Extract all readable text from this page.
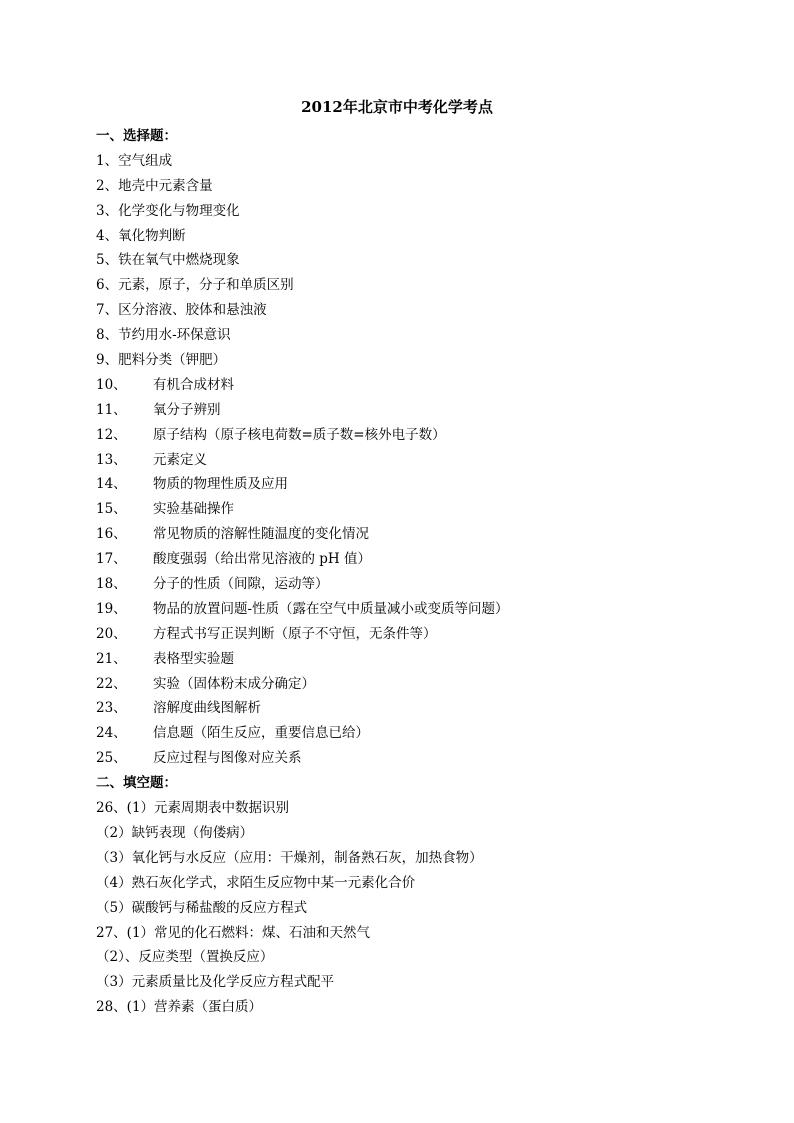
2012年北京市中考化学考点
一、选择题：
1、空气组成
2、地壳中元素含量
3、化学变化与物理变化
4、氧化物判断
5、铁在氧气中燃烧现象
6、元素，原子，分子和单质区别
7、区分溶液、胶体和悬浊液
8、节约用水-环保意识
9、肥料分类（钾肥）
10、 有机合成材料
11、 氧分子辨别
12、 原子结构（原子核电荷数=质子数=核外电子数）
13、 元素定义
14、 物质的物理性质及应用
15、 实验基础操作
16、 常见物质的溶解性随温度的变化情况
17、 酸度强弱（给出常见溶液的 pH 值）
18、 分子的性质（间隙，运动等）
19、 物品的放置问题-性质（露在空气中质量减小或变质等问题）
20、 方程式书写正误判断（原子不守恒，无条件等）
21、 表格型实验题
22、 实验（固体粉末成分确定）
23、 溶解度曲线图解析
24、 信息题（陌生反应，重要信息已给）
25、 反应过程与图像对应关系
二、填空题：
26、(1）元素周期表中数据识别
（2）缺钙表现（佝偻病）
（3）氧化钙与水反应（应用：干燥剂，制备熟石灰，加热食物）
（4）熟石灰化学式，求陌生反应物中某一元素化合价
（5）碳酸钙与稀盐酸的反应方程式
27、(1）常见的化石燃料：煤、石油和天然气
（2）、反应类型（置换反应）
（3）元素质量比及化学反应方程式配平
28、(1）营养素（蛋白质）
